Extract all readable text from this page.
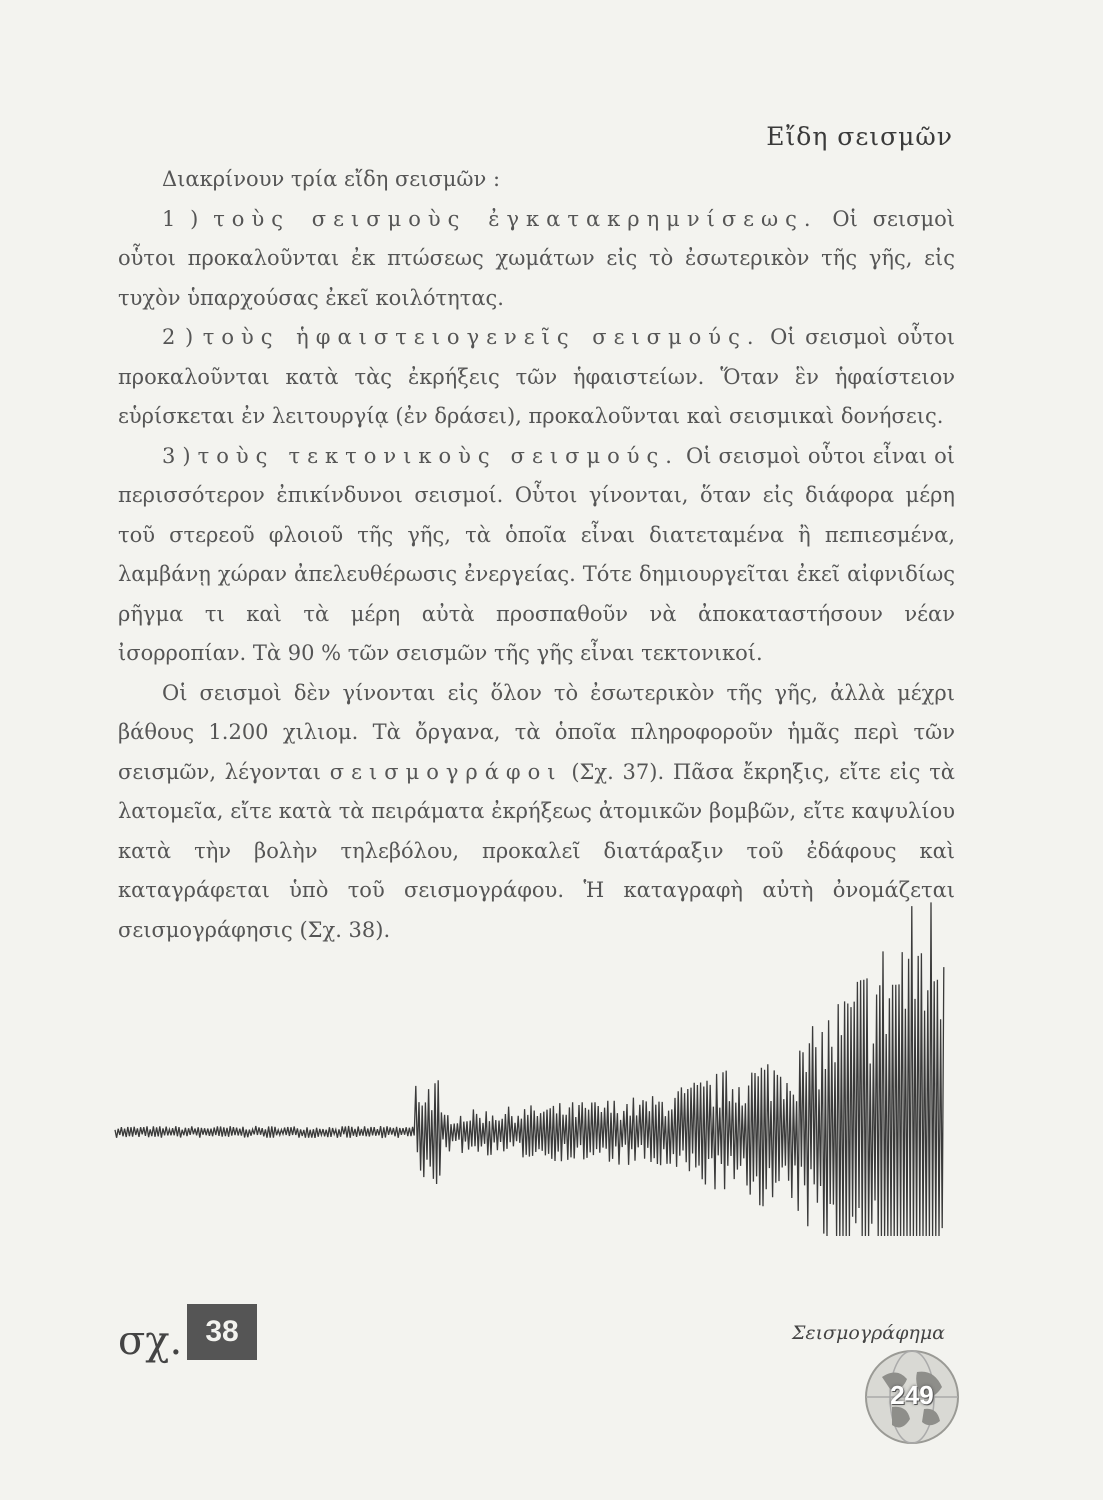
Εἴδη σεισμῶν

Διακρίνουν τρία εἴδη σεισμῶν :

1 ) τοὺς σεισμοὺς ἐγκατακρημνίσεως. Οἱ σεισμοὶ οὗτοι προκαλοῦνται ἐκ πτώσεως χωμάτων εἰς τὸ ἐσωτερικὸν τῆς γῆς, εἰς τυχὸν ὑπαρχούσας ἐκεῖ κοιλότητας.

2 ) τοὺς ἡφαιστειογενεῖς σεισμούς. Οἱ σεισμοὶ οὗτοι προκαλοῦνται κατὰ τὰς ἐκρήξεις τῶν ἡφαιστείων. Ὅταν ἓν ἡφαίστειον εὑρίσκεται ἐν λειτουργίᾳ (ἐν δράσει), προκαλοῦνται καὶ σεισμικαὶ δονήσεις.

3 ) τοὺς τεκτονικοὺς σεισμούς. Οἱ σεισμοὶ οὗτοι εἶναι οἱ περισσότερον ἐπικίνδυνοι σεισμοί. Οὗτοι γίνονται, ὅταν εἰς διάφορα μέρη τοῦ στερεοῦ φλοιοῦ τῆς γῆς, τὰ ὁποῖα εἶναι διατεταμένα ἢ πεπιεσμένα, λαμβάνῃ χώραν ἀπελευθέρωσις ἐνεργείας. Τότε δημιουργεῖται ἐκεῖ αἰφνιδίως ρῆγμα τι καὶ τὰ μέρη αὐτὰ προσπαθοῦν νὰ ἀποκαταστήσουν νέαν ἰσορροπίαν. Τὰ 90 % τῶν σεισμῶν τῆς γῆς εἶναι τεκτονικοί.

Οἱ σεισμοὶ δὲν γίνονται εἰς ὅλον τὸ ἐσωτερικὸν τῆς γῆς, ἀλλὰ μέχρι βάθους 1.200 χιλιομ. Τὰ ὄργανα, τὰ ὁποῖα πληροφοροῦν ἡμᾶς περὶ τῶν σεισμῶν, λέγονται σεισμογράφοι (Σχ. 37). Πᾶσα ἔκρηξις, εἴτε εἰς τὰ λατομεῖα, εἴτε κατὰ τὰ πειράματα ἐκρήξεως ἀτομικῶν βομβῶν, εἴτε καψυλίου κατὰ τὴν βολὴν τηλεβόλου, προκαλεῖ διατάραξιν τοῦ ἐδάφους καὶ καταγράφεται ὑπὸ τοῦ σεισμογράφου. Ἡ καταγραφὴ αὐτὴ ὀνομάζεται σεισμογράφησις (Σχ. 38).

σχ. 38	Σεισμογράφημα
249
